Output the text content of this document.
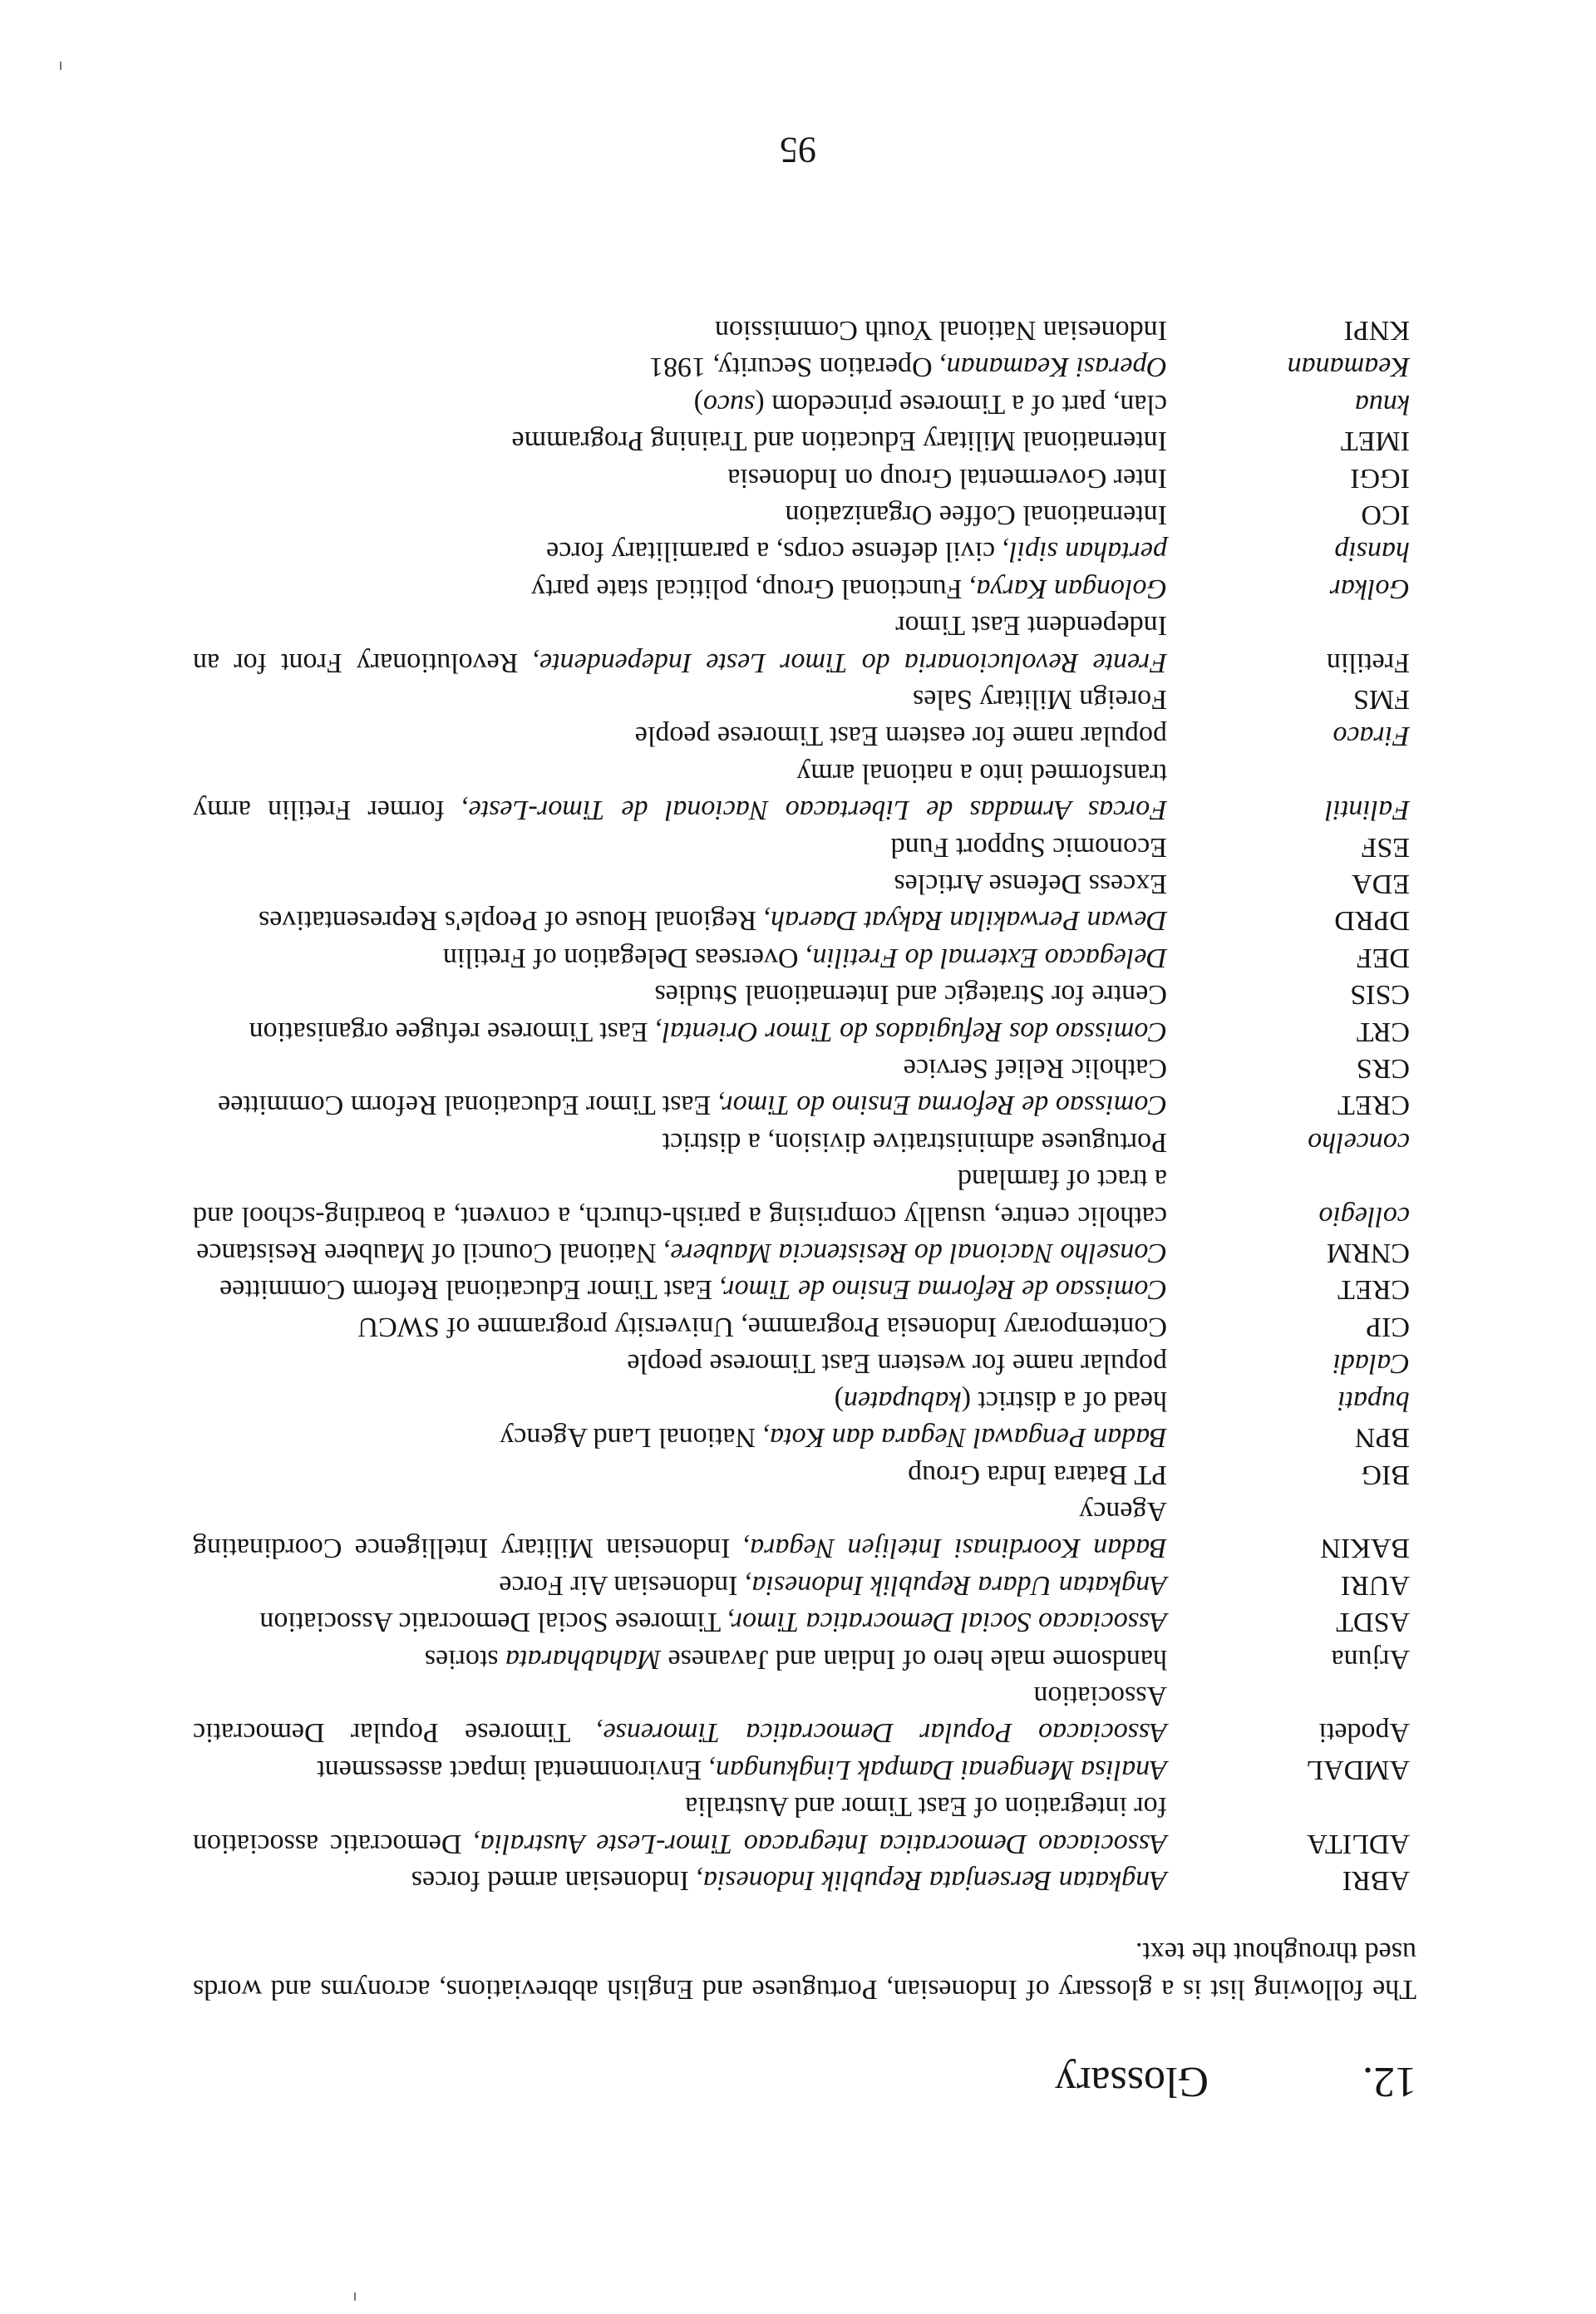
12.Glossary

The following list is a glossary of Indonesian, Portuguese and English abbreviations, acronyms and words used throughout the text.

ABRI
Angkatan Bersenjata Republik Indonesia, Indonesian armed forces
ADLITA
Associacao Democratica Integracao Timor-Leste Australia, Democratic association for integration of East Timor and Australia
AMDAL
Analisa Mengenai Dampak Lingkungan, Environmental impact assessment
Apodeti
Associacao Popular Democratica Timorense, Timorese Popular Democratic Association
Arjuna
handsome male hero of Indian and Javanese Mahabharata stories
ASDT
Associacao Social Democratica Timor, Timorese Social Democratic Association
AURI
Angkatan Udara Republik Indonesia, Indonesian Air Force
BAKIN
Badan Koordinasi Intelijen Negara, Indonesian Military Intelligence Coordinating Agency
BIG
PT Batara Indra Group
BPN
Badan Pengawal Negara dan Kota, National Land Agency
bupati
head of a district (kabupaten)
Caladi
popular name for western East Timorese people
CIP
Contemporary Indonesia Programme, University programme of SWCU
CRET
Comissao de Reforma Ensino de Timor, East Timor Educational Reform Committee
CNRM
Conselho Nacional do Resistencia Maubere, National Council of Maubere Resistance
collegio
catholic centre, usually comprising a parish-church, a convent, a boarding-school and a tract of farmland
concelho
Portuguese administrative division, a district
CRET
Comissao de Reforma Ensino do Timor, East Timor Educational Reform Committee
CRS
Catholic Relief Service
CRT
Comissao dos Refugiados do Timor Oriental, East Timorese refugee organisation
CSIS
Centre for Strategic and International Studies
DEF
Delegacao External do Fretilin, Overseas Delegation of Fretilin
DPRD
Dewan Perwakilan Rakyat Daerah, Regional House of People's Representatives
EDA
Excess Defense Articles
ESF
Economic Support Fund
Falintil
Forcas Armadas de Libertacao Nacional de Timor-Leste, former Fretilin army transformed into a national army
Firaco
popular name for eastern East Timorese people
FMS
Foreign Military Sales
Fretilin
Frente Revolucionaria do Timor Leste Independente, Revolutionary Front for an Independent East Timor
Golkar
Golongan Karya, Functional Group, political state party
hansip
pertahan sipil, civil defense corps, a paramilitary force
ICO
International Coffee Organization
IGGI
Inter Govermental Group on Indonesia
IMET
International Military Education and Training Programme
knua
clan, part of a Timorese princedom (suco)
Keamanan
Operasi Keamanan, Operation Security, 1981
KNPI
Indonesian National Youth Commission
95
